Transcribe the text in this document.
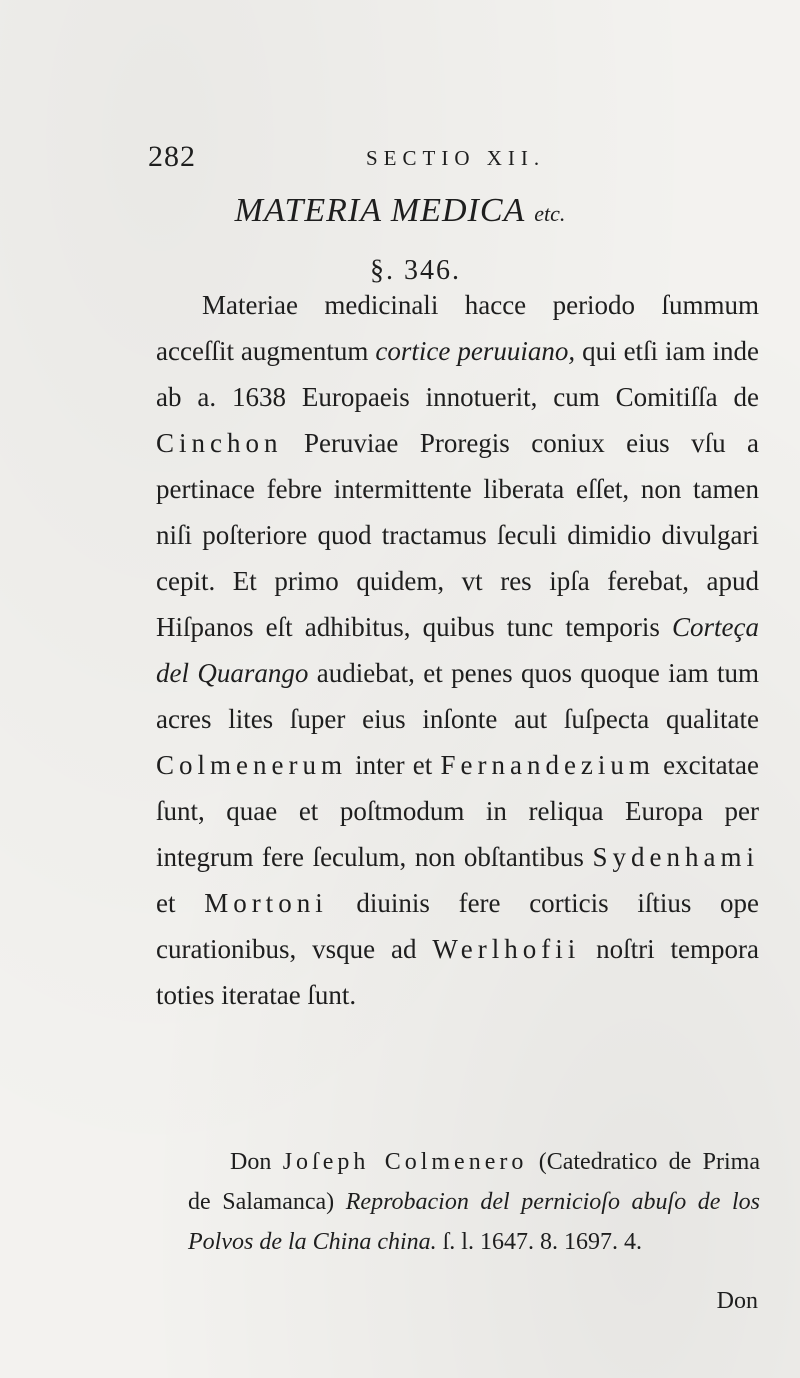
282	SECTIO XII.
MATERIA MEDICA etc.
§. 346.

Materiae medicinali hacce periodo ſummum acceſſit augmentum cortice peruuiano, qui etſi iam inde ab a. 1638 Europaeis innotuerit, cum Comitiſſa de Cinchon Peruviae Proregis coniux eius vſu a pertinace febre intermittente liberata eſſet, non tamen niſi poſteriore quod tractamus ſeculi dimidio divulgari cepit. Et primo quidem, vt res ipſa ferebat, apud Hiſpanos eſt adhibitus, quibus tunc temporis Corteça del Quarango audiebat, et penes quos quoque iam tum acres lites ſuper eius inſonte aut ſuſpecta qualitate Colmenerum inter et Fernandezium excitatae ſunt, quae et poſtmodum in reliqua Europa per integrum fere ſeculum, non obſtantibus Sydenhami et Mortoni diuinis fere corticis iſtius ope curationibus, vsque ad Werlhofii noſtri tempora toties iteratae ſunt.

Don Joſeph Colmenero (Catedratico de Prima de Salamanca) Reprobacion del pernicioſo abuſo de los Polvos de la China china. ſ. l. 1647. 8. 1697. 4.

Don
